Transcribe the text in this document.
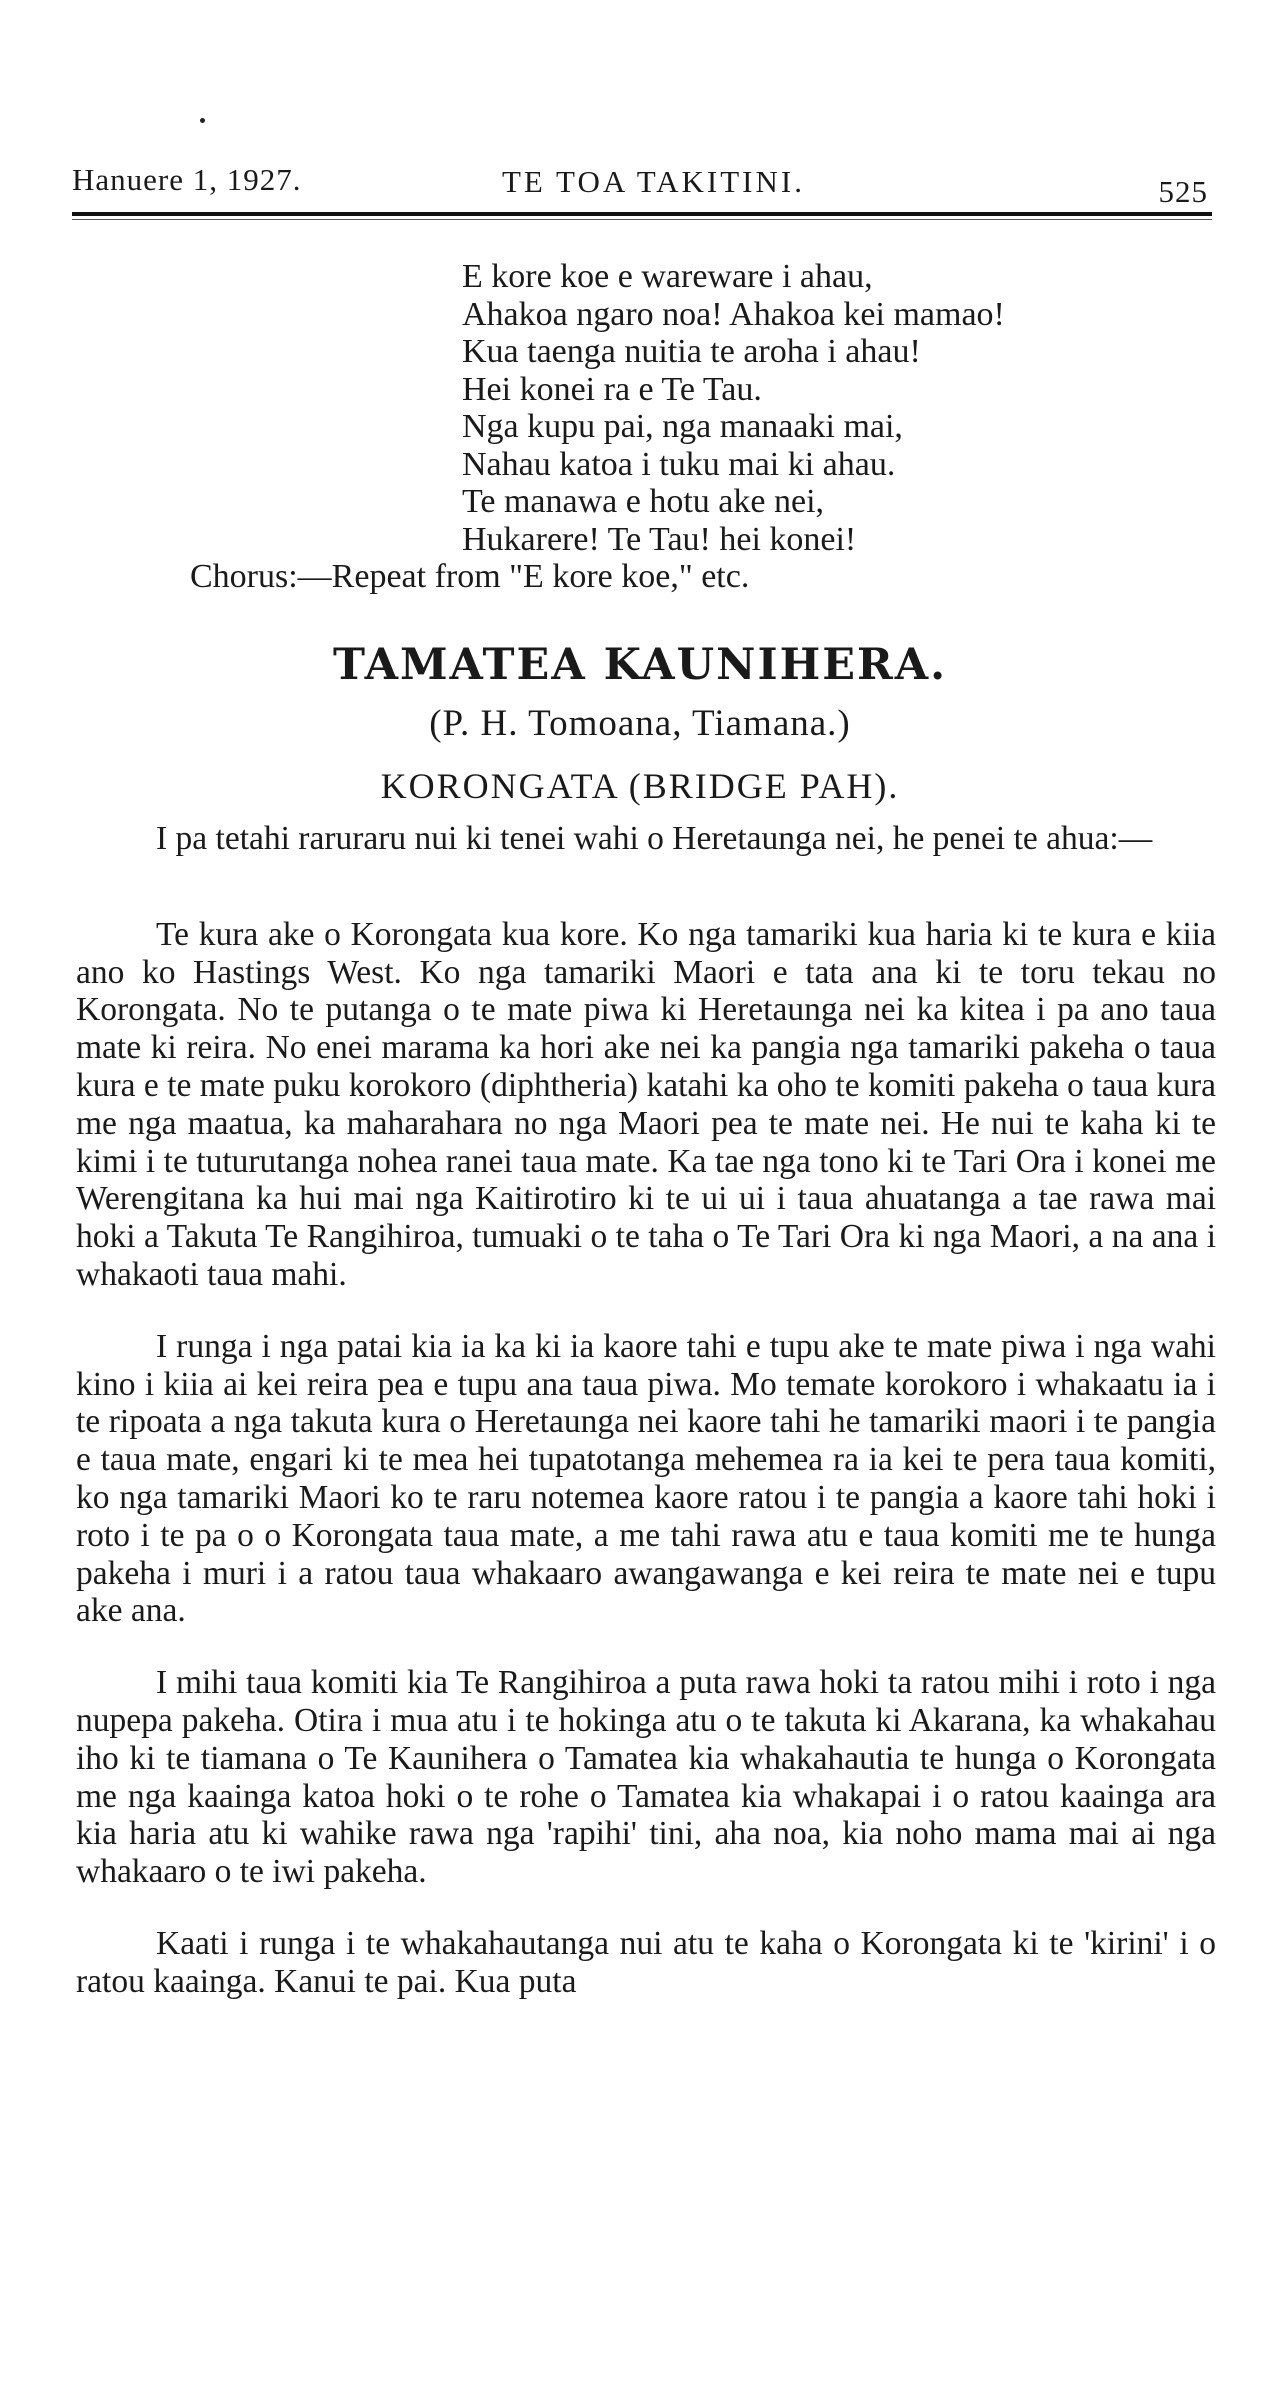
Hanuere 1, 1927.	TE TOA TAKITINI.	525
E kore koe e wareware i ahau,
Ahakoa ngaro noa! Ahakoa kei mamao!
Kua taenga nuitia te aroha i ahau!
Hei konei ra e Te Tau.
Nga kupu pai, nga manaaki mai,
Nahau katoa i tuku mai ki ahau.
Te manawa e hotu ake nei,
Hukarere! Te Tau! hei konei!
Chorus:—Repeat from "E kore koe," etc.
TAMATEA KAUNIHERA.
(P. H. Tomoana, Tiamana.)
KORONGATA (BRIDGE PAH).

I pa tetahi raruraru nui ki tenei wahi o Heretaunga nei, he penei te ahua:—

Te kura ake o Korongata kua kore. Ko nga tamariki kua haria ki te kura e kiia ano ko Hastings West. Ko nga tamariki Maori e tata ana ki te toru tekau no Korongata. No te putanga o te mate piwa ki Heretaunga nei ka kitea i pa ano taua mate ki reira. No enei marama ka hori ake nei ka pangia nga tamariki pakeha o taua kura e te mate puku korokoro (diphtheria) katahi ka oho te komiti pakeha o taua kura me nga maatua, ka maharahara no nga Maori pea te mate nei. He nui te kaha ki te kimi i te tuturutanga nohea ranei taua mate. Ka tae nga tono ki te Tari Ora i konei me Werengitana ka hui mai nga Kaitirotiro ki te ui ui i taua ahuatanga a tae rawa mai hoki a Takuta Te Rangihiroa, tumuaki o te taha o Te Tari Ora ki nga Maori, a na ana i whakaoti taua mahi.

I runga i nga patai kia ia ka ki ia kaore tahi e tupu ake te mate piwa i nga wahi kino i kiia ai kei reira pea e tupu ana taua piwa. Mo temate korokoro i whakaatu ia i te ripoata a nga takuta kura o Heretaunga nei kaore tahi he tamariki maori i te pangia e taua mate, engari ki te mea hei tupatotanga mehemea ra ia kei te pera taua komiti, ko nga tamariki Maori ko te raru notemea kaore ratou i te pangia a kaore tahi hoki i roto i te pa o o Korongata taua mate, a me tahi rawa atu e taua komiti me te hunga pakeha i muri i a ratou taua whakaaro awangawanga e kei reira te mate nei e tupu ake ana.

I mihi taua komiti kia Te Rangihiroa a puta rawa hoki ta ratou mihi i roto i nga nupepa pakeha. Otira i mua atu i te hokinga atu o te takuta ki Akarana, ka whakahau iho ki te tiamana o Te Kaunihera o Tamatea kia whakahautia te hunga o Korongata me nga kaainga katoa hoki o te rohe o Tamatea kia whakapai i o ratou kaainga ara kia haria atu ki wahike rawa nga 'rapihi' tini, aha noa, kia noho mama mai ai nga whakaaro o te iwi pakeha.

Kaati i runga i te whakahautanga nui atu te kaha o Korongata ki te 'kirini' i o ratou kaainga. Kanui te pai. Kua puta
